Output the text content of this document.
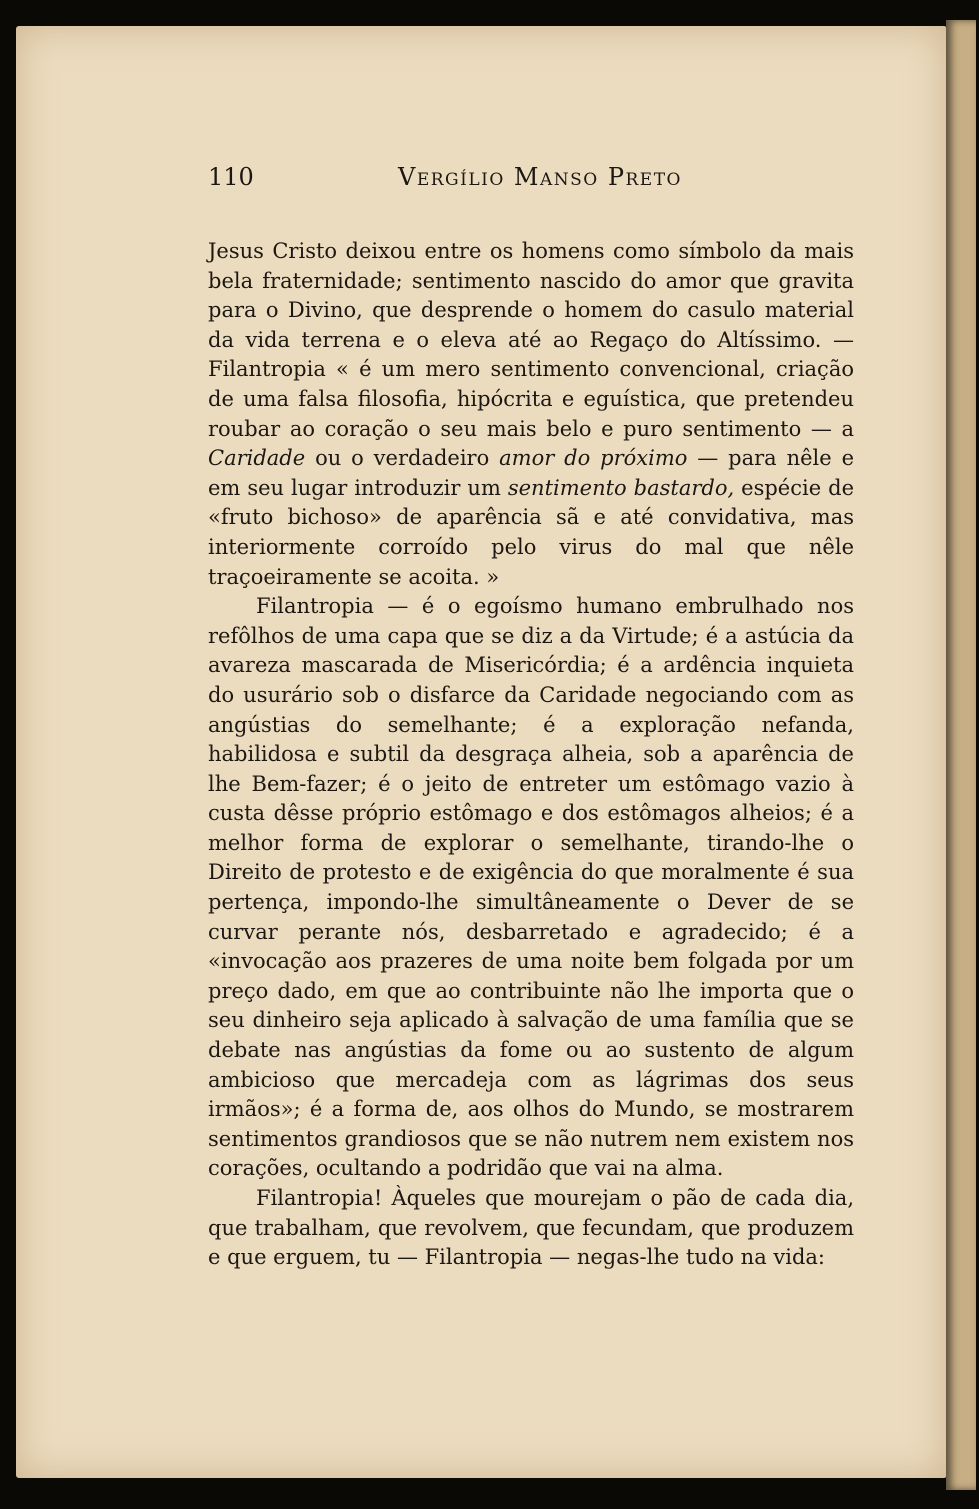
110	Vergílio Manso Preto

Jesus Cristo deixou entre os homens como símbolo da mais bela fraternidade; sentimento nascido do amor que gravita para o Divino, que desprende o homem do casulo material da vida terrena e o eleva até ao Regaço do Altíssimo. — Filantropia « é um mero sentimento convencional, criação de uma falsa filosofia, hipócrita e eguística, que pretendeu roubar ao coração o seu mais belo e puro sentimento — a Caridade ou o verdadeiro amor do próximo — para nêle e em seu lugar introduzir um sentimento bastardo, espécie de «fruto bichoso» de aparência sã e até convidativa, mas interiormente corroído pelo virus do mal que nêle traçoeiramente se acoita. »

Filantropia — é o egoísmo humano embrulhado nos refôlhos de uma capa que se diz a da Virtude; é a astúcia da avareza mascarada de Misericórdia; é a ardência inquieta do usurário sob o disfarce da Caridade negociando com as angústias do semelhante; é a exploração nefanda, habilidosa e subtil da desgraça alheia, sob a aparência de lhe Bem-fazer; é o jeito de entreter um estômago vazio à custa dêsse próprio estômago e dos estômagos alheios; é a melhor forma de explorar o semelhante, tirando-lhe o Direito de protesto e de exigência do que moralmente é sua pertença, impondo-lhe simultâneamente o Dever de se curvar perante nós, desbarretado e agradecido; é a «invocação aos prazeres de uma noite bem folgada por um preço dado, em que ao contribuinte não lhe importa que o seu dinheiro seja aplicado à salvação de uma família que se debate nas angústias da fome ou ao sustento de algum ambicioso que mercadeja com as lágrimas dos seus irmãos»; é a forma de, aos olhos do Mundo, se mostrarem sentimentos grandiosos que se não nutrem nem existem nos corações, ocultando a podridão que vai na alma.

Filantropia! Àqueles que mourejam o pão de cada dia, que trabalham, que revolvem, que fecundam, que produzem e que erguem, tu — Filantropia — negas-lhe tudo na vida:
